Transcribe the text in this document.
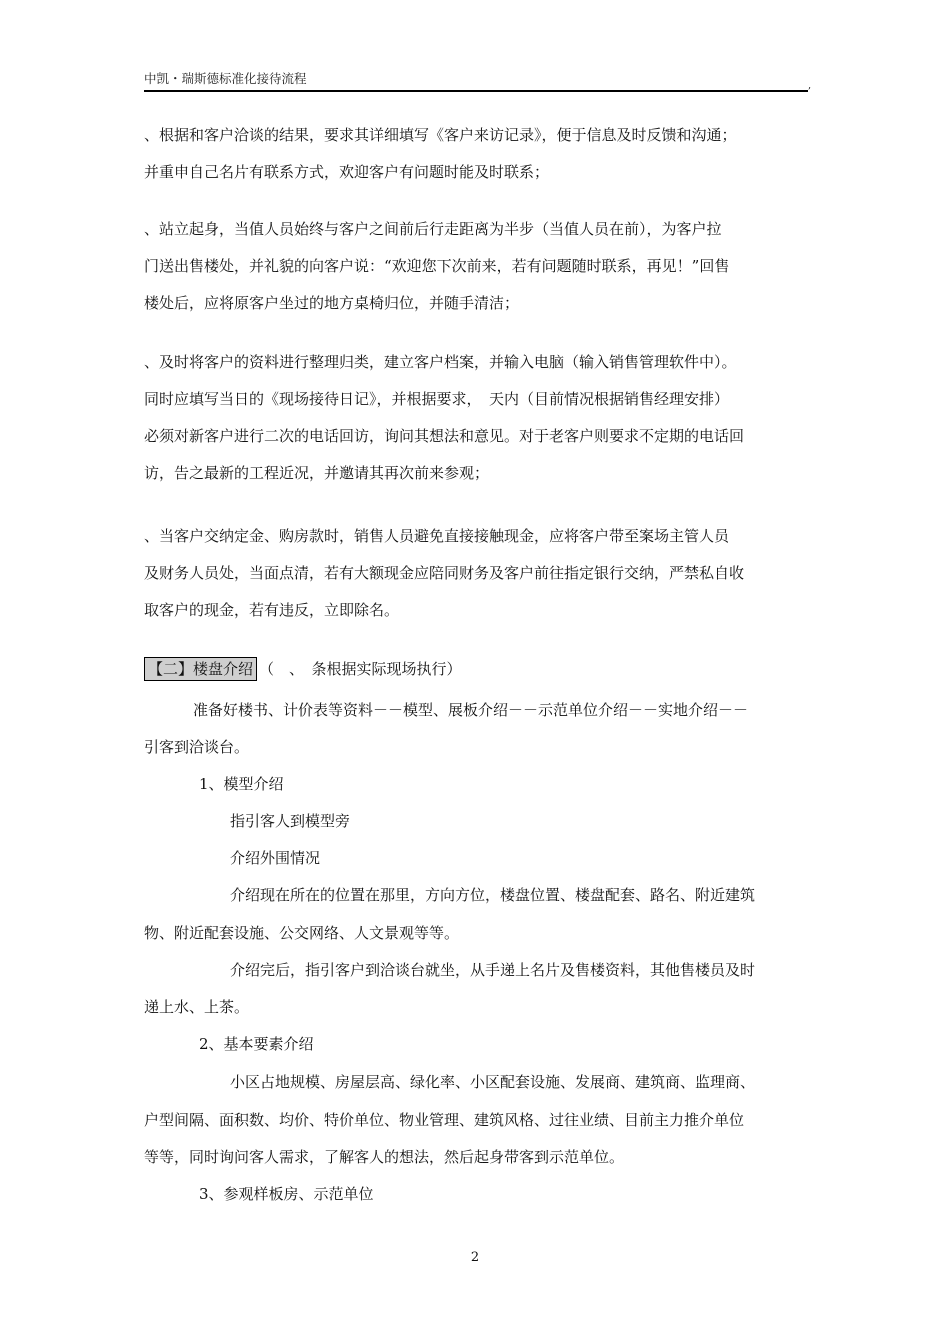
中凯・瑞斯德标准化接待流程	,
、根据和客户洽谈的结果，要求其详细填写《客户来访记录》，便于信息及时反馈和沟通；
并重申自己名片有联系方式，欢迎客户有问题时能及时联系；
、站立起身，当值人员始终与客户之间前后行走距离为半步（当值人员在前），为客户拉
门送出售楼处，并礼貌的向客户说：“欢迎您下次前来，若有问题随时联系，再见！”回售
楼处后，应将原客户坐过的地方桌椅归位，并随手清洁；
、及时将客户的资料进行整理归类，建立客户档案，并输入电脑（输入销售管理软件中）。
同时应填写当日的《现场接待日记》，并根据要求，　天内（目前情况根据销售经理安排）
必须对新客户进行二次的电话回访，询问其想法和意见。对于老客户则要求不定期的电话回
访，告之最新的工程近况，并邀请其再次前来参观；
、当客户交纳定金、购房款时，销售人员避免直接接触现金，应将客户带至案场主管人员
及财务人员处，当面点清，若有大额现金应陪同财务及客户前往指定银行交纳，严禁私自收
取客户的现金，若有违反，立即除名。
【二】楼盘介绍 （　、　条根据实际现场执行）

准备好楼书、计价表等资料－－模型、展板介绍－－示范单位介绍－－实地介绍－－

引客到洽谈台。

1、模型介绍

指引客人到模型旁

介绍外围情况

介绍现在所在的位置在那里，方向方位，楼盘位置、楼盘配套、路名、附近建筑

物、附近配套设施、公交网络、人文景观等等。

介绍完后，指引客户到洽谈台就坐，从手递上名片及售楼资料，其他售楼员及时

递上水、上茶。

2、基本要素介绍

小区占地规模、房屋层高、绿化率、小区配套设施、发展商、建筑商、监理商、

户型间隔、面积数、均价、特价单位、物业管理、建筑风格、过往业绩、目前主力推介单位

等等，同时询问客人需求，了解客人的想法，然后起身带客到示范单位。

3、参观样板房、示范单位

2
